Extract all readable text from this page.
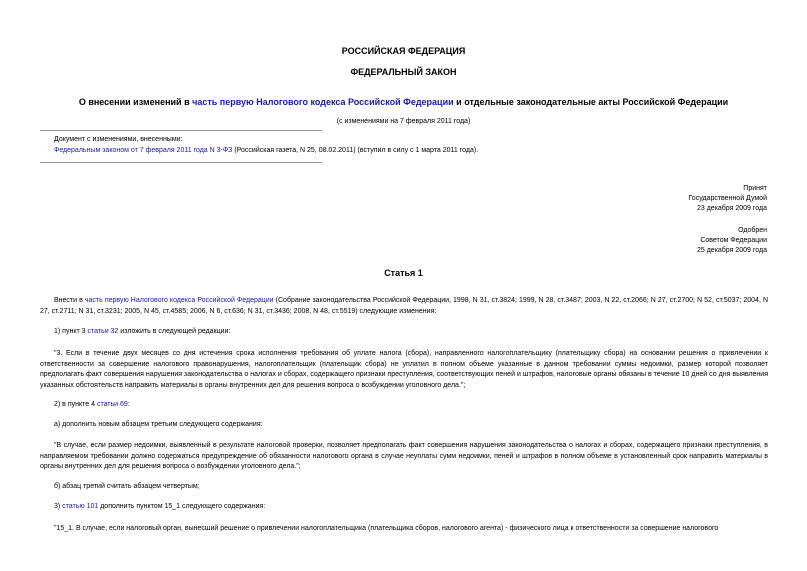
РОССИЙСКАЯ ФЕДЕРАЦИЯ
ФЕДЕРАЛЬНЫЙ ЗАКОН
О внесении изменений в часть первую Налогового кодекса Российской Федерации и отдельные законодательные акты Российской Федерации
(с изменениями на 7 февраля 2011 года)
Документ с изменениями, внесенными:
Федеральным законом от 7 февраля 2011 года N 3-ФЗ (Российская газета, N 25, 08.02.2011) (вступил в силу с 1 марта 2011 года).
Принят
Государственной Думой
23 декабря 2009 года
Одобрен
Советом Федерации
25 декабря 2009 года
Статья 1
Внести в часть первую Налогового кодекса Российской Федерации (Собрание законодательства Российской Федерации, 1998, N 31, ст.3824; 1999, N 28, ст.3487; 2003, N 22, ст.2066; N 27, ст.2700; N 52, ст.5037; 2004, N 27, ст.2711; N 31, ст.3231; 2005, N 45, ст.4585; 2006, N 6, ст.636; N 31, ст.3436; 2008, N 48, ст.5519) следующие изменения:
1) пункт 3 статьи 32 изложить в следующей редакции:
"3. Если в течение двух месяцев со дня истечения срока исполнения требования об уплате налога (сбора), направленного налогоплательщику (плательщику сбора) на основании решения о привлечении к ответственности за совершение налогового правонарушения, налогоплательщик (плательщик сбора) не уплатил в полном объеме указанные в данном требовании суммы недоимки, размер которой позволяет предполагать факт совершения нарушения законодательства о налогах и сборах, содержащего признаки преступления, соответствующих пеней и штрафов, налоговые органы обязаны в течение 10 дней со дня выявления указанных обстоятельств направить материалы в органы внутренних дел для решения вопроса о возбуждении уголовного дела.";
2) в пункте 4 статьи 69:
а) дополнить новым абзацем третьим следующего содержания:
"В случае, если размер недоимки, выявленный в результате налоговой проверки, позволяет предполагать факт совершения нарушения законодательства о налогах и сборах, содержащего признаки преступления, в направляемом требовании должно содержаться предупреждение об обязанности налогового органа в случае неуплаты сумм недоимки, пеней и штрафов в полном объеме в установленный срок направить материалы в органы внутренних дел для решения вопроса о возбуждении уголовного дела.";
б) абзац третий считать абзацем четвертым;
3) статью 101 дополнить пунктом 15_1 следующего содержания:
"15_1. В случае, если налоговый орган, вынесший решение о привлечении налогоплательщика (плательщика сборов, налогового агента) - физического лица к ответственности за совершение налогового
